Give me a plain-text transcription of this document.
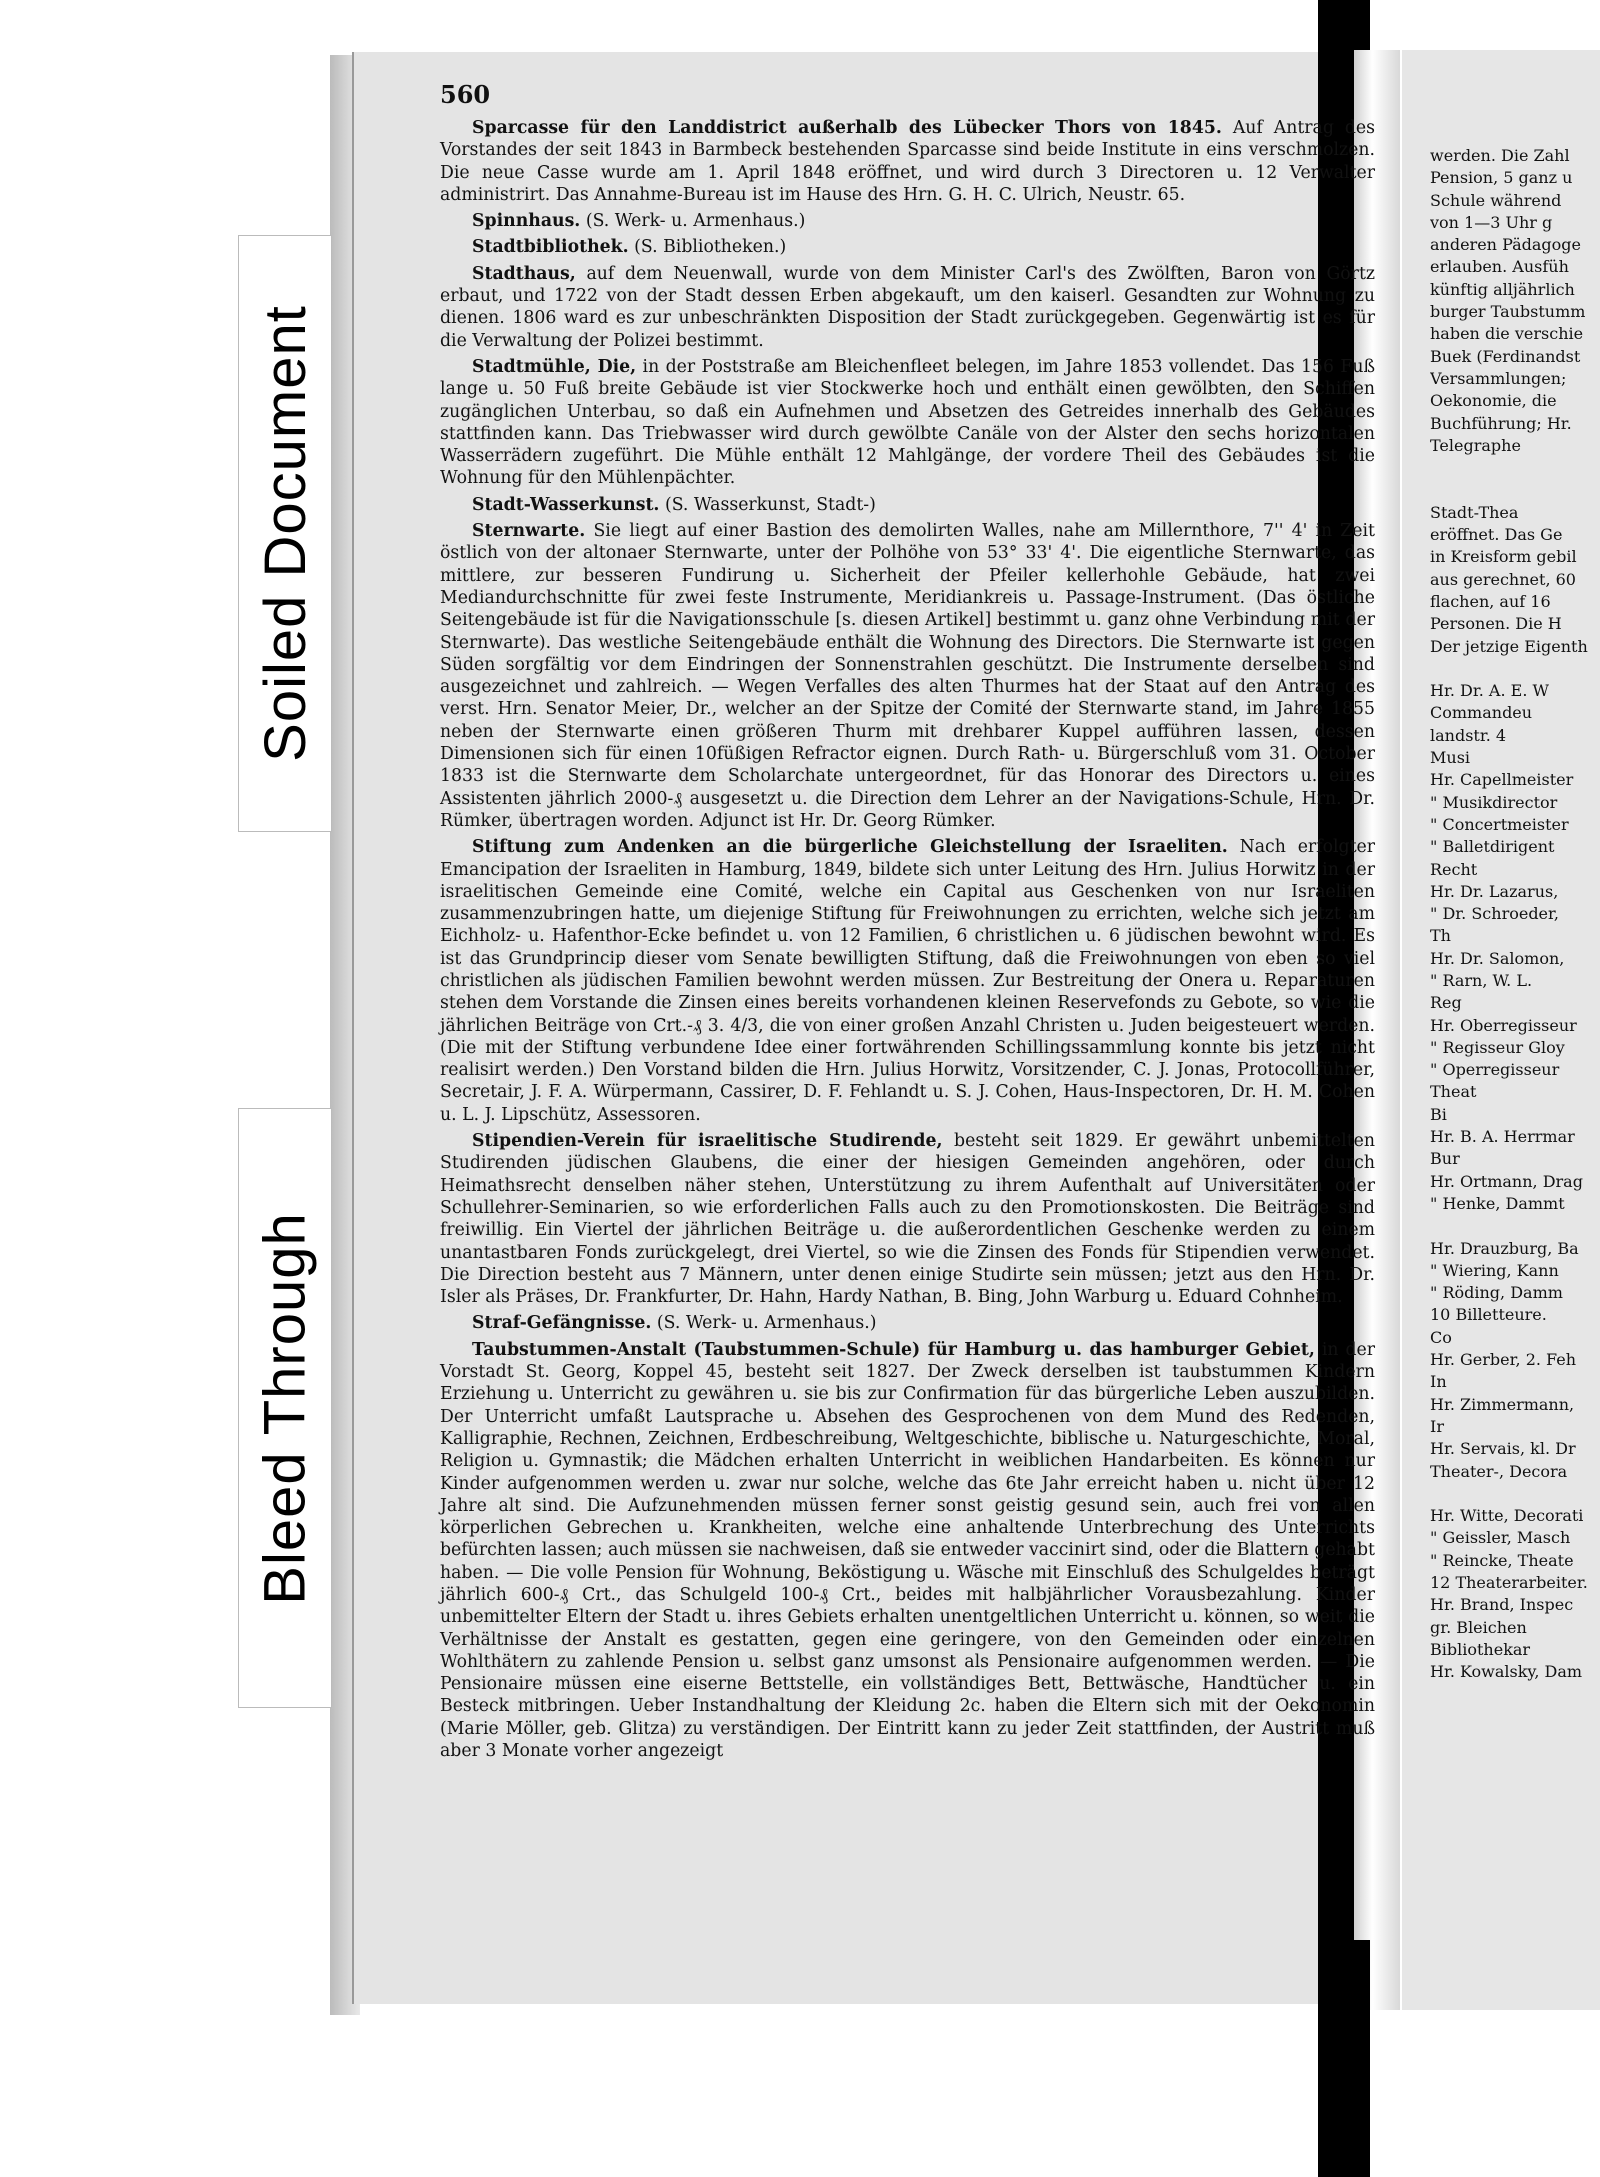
Soiled Document
Bleed Through
560

Sparcasse für den Landdistrict außerhalb des Lübecker Thors von 1845. Auf Antrag des Vorstandes der seit 1843 in Barmbeck bestehenden Sparcasse sind beide Institute in eins verschmolzen. Die neue Casse wurde am 1. April 1848 eröffnet, und wird durch 3 Directoren u. 12 Verwalter administrirt. Das Annahme-Bureau ist im Hause des Hrn. G. H. C. Ulrich, Neustr. 65.

Spinnhaus. (S. Werk- u. Armenhaus.)

Stadtbibliothek. (S. Bibliotheken.)

Stadthaus, auf dem Neuenwall, wurde von dem Minister Carl's des Zwölften, Baron von Görtz erbaut, und 1722 von der Stadt dessen Erben abgekauft, um den kaiserl. Gesandten zur Wohnung zu dienen. 1806 ward es zur unbeschränkten Disposition der Stadt zurückgegeben. Gegenwärtig ist es für die Verwaltung der Polizei bestimmt.

Stadtmühle, Die, in der Poststraße am Bleichenfleet belegen, im Jahre 1853 vollendet. Das 156 Fuß lange u. 50 Fuß breite Gebäude ist vier Stockwerke hoch und enthält einen gewölbten, den Schiffen zugänglichen Unterbau, so daß ein Aufnehmen und Absetzen des Getreides innerhalb des Gebäudes stattfinden kann. Das Triebwasser wird durch gewölbte Canäle von der Alster den sechs horizontalen Wasserrädern zugeführt. Die Mühle enthält 12 Mahlgänge, der vordere Theil des Gebäudes ist die Wohnung für den Mühlenpächter.

Stadt-Wasserkunst. (S. Wasserkunst, Stadt-)

Sternwarte. Sie liegt auf einer Bastion des demolirten Walles, nahe am Millernthore, 7'' 4' in Zeit östlich von der altonaer Sternwarte, unter der Polhöhe von 53° 33' 4'. Die eigentliche Sternwarte, das mittlere, zur besseren Fundirung u. Sicherheit der Pfeiler kellerhohle Gebäude, hat zwei Mediandurchschnitte für zwei feste Instrumente, Meridiankreis u. Passage-Instrument. (Das östliche Seitengebäude ist für die Navigationsschule [s. diesen Artikel] bestimmt u. ganz ohne Verbindung mit der Sternwarte). Das westliche Seitengebäude enthält die Wohnung des Directors. Die Sternwarte ist gegen Süden sorgfältig vor dem Eindringen der Sonnenstrahlen geschützt. Die Instrumente derselben sind ausgezeichnet und zahlreich. — Wegen Verfalles des alten Thurmes hat der Staat auf den Antrag des verst. Hrn. Senator Meier, Dr., welcher an der Spitze der Comité der Sternwarte stand, im Jahre 1855 neben der Sternwarte einen größeren Thurm mit drehbarer Kuppel aufführen lassen, dessen Dimensionen sich für einen 10füßigen Refractor eignen. Durch Rath- u. Bürgerschluß vom 31. October 1833 ist die Sternwarte dem Scholarchate untergeordnet, für das Honorar des Directors u. eines Assistenten jährlich 2000-₰ ausgesetzt u. die Direction dem Lehrer an der Navigations-Schule, Hrn. Dr. Rümker, übertragen worden. Adjunct ist Hr. Dr. Georg Rümker.

Stiftung zum Andenken an die bürgerliche Gleichstellung der Israeliten. Nach erfolgter Emancipation der Israeliten in Hamburg, 1849, bildete sich unter Leitung des Hrn. Julius Horwitz in der israelitischen Gemeinde eine Comité, welche ein Capital aus Geschenken von nur Israeliten zusammenzubringen hatte, um diejenige Stiftung für Freiwohnungen zu errichten, welche sich jetzt am Eichholz- u. Hafenthor-Ecke befindet u. von 12 Familien, 6 christlichen u. 6 jüdischen bewohnt wird. Es ist das Grundprincip dieser vom Senate bewilligten Stiftung, daß die Freiwohnungen von eben so viel christlichen als jüdischen Familien bewohnt werden müssen. Zur Bestreitung der Onera u. Reparaturen stehen dem Vorstande die Zinsen eines bereits vorhandenen kleinen Reservefonds zu Gebote, so wie die jährlichen Beiträge von Crt.-₰ 3. 4/3, die von einer großen Anzahl Christen u. Juden beigesteuert werden. (Die mit der Stiftung verbundene Idee einer fortwährenden Schillingssammlung konnte bis jetzt nicht realisirt werden.) Den Vorstand bilden die Hrn. Julius Horwitz, Vorsitzender, C. J. Jonas, Protocollführer, Secretair, J. F. A. Würpermann, Cassirer, D. F. Fehlandt u. S. J. Cohen, Haus-Inspectoren, Dr. H. M. Cohen u. L. J. Lipschütz, Assessoren.

Stipendien-Verein für israelitische Studirende, besteht seit 1829. Er gewährt unbemittelten Studirenden jüdischen Glaubens, die einer der hiesigen Gemeinden angehören, oder durch Heimathsrecht denselben näher stehen, Unterstützung zu ihrem Aufenthalt auf Universitäten oder Schullehrer-Seminarien, so wie erforderlichen Falls auch zu den Promotionskosten. Die Beiträge sind freiwillig. Ein Viertel der jährlichen Beiträge u. die außerordentlichen Geschenke werden zu einem unantastbaren Fonds zurückgelegt, drei Viertel, so wie die Zinsen des Fonds für Stipendien verwendet. Die Direction besteht aus 7 Männern, unter denen einige Studirte sein müssen; jetzt aus den Hrn. Dr. Isler als Präses, Dr. Frankfurter, Dr. Hahn, Hardy Nathan, B. Bing, John Warburg u. Eduard Cohnheim.

Straf-Gefängnisse. (S. Werk- u. Armenhaus.)

Taubstummen-Anstalt (Taubstummen-Schule) für Hamburg u. das hamburger Gebiet, in der Vorstadt St. Georg, Koppel 45, besteht seit 1827. Der Zweck derselben ist taubstummen Kindern Erziehung u. Unterricht zu gewähren u. sie bis zur Confirmation für das bürgerliche Leben auszubilden. Der Unterricht umfaßt Lautsprache u. Absehen des Gesprochenen von dem Mund des Redenden, Kalligraphie, Rechnen, Zeichnen, Erdbeschreibung, Weltgeschichte, biblische u. Naturgeschichte, Moral, Religion u. Gymnastik; die Mädchen erhalten Unterricht in weiblichen Handarbeiten. Es können nur Kinder aufgenommen werden u. zwar nur solche, welche das 6te Jahr erreicht haben u. nicht über 12 Jahre alt sind. Die Aufzunehmenden müssen ferner sonst geistig gesund sein, auch frei von allen körperlichen Gebrechen u. Krankheiten, welche eine anhaltende Unterbrechung des Unterrichts befürchten lassen; auch müssen sie nachweisen, daß sie entweder vaccinirt sind, oder die Blattern gehabt haben. — Die volle Pension für Wohnung, Beköstigung u. Wäsche mit Einschluß des Schulgeldes beträgt jährlich 600-₰ Crt., das Schulgeld 100-₰ Crt., beides mit halbjährlicher Vorausbezahlung. Kinder unbemittelter Eltern der Stadt u. ihres Gebiets erhalten unentgeltlichen Unterricht u. können, so weit die Verhältnisse der Anstalt es gestatten, gegen eine geringere, von den Gemeinden oder einzelnen Wohlthätern zu zahlende Pension u. selbst ganz umsonst als Pensionaire aufgenommen werden. — Die Pensionaire müssen eine eiserne Bettstelle, ein vollständiges Bett, Bettwäsche, Handtücher u. ein Besteck mitbringen. Ueber Instandhaltung der Kleidung 2c. haben die Eltern sich mit der Oekonomin (Marie Möller, geb. Glitza) zu verständigen. Der Eintritt kann zu jeder Zeit stattfinden, der Austritt muß aber 3 Monate vorher angezeigt

werden. Die Zahl
Pension, 5 ganz u
Schule während
von 1—3 Uhr g
anderen Pädagoge
erlauben. Ausfüh
künftig alljährlich
burger Taubstumm
haben die verschie
Buek (Ferdinandst
Versammlungen;
Oekonomie, die
Buchführung; Hr.
Telegraphe

Stadt-Thea
eröffnet. Das Ge
in Kreisform gebil
aus gerechnet, 60
flachen, auf 16
Personen. Die H
Der jetzige Eigenth

Hr. Dr. A. E. W
Commandeu
landstr. 4
Musi
Hr. Capellmeister
" Musikdirector
" Concertmeister
" Balletdirigent
Recht
Hr. Dr. Lazarus,
" Dr. Schroeder,
Th
Hr. Dr. Salomon,
" Rarn, W. L.
Reg
Hr. Oberregisseur
" Regisseur Gloy
" Operregisseur
Theat
Bi
Hr. B. A. Herrmar
Bur
Hr. Ortmann, Drag
" Henke, Dammt

Hr. Drauzburg, Ba
" Wiering, Kann
" Röding, Damm
10 Billetteure.
Co
Hr. Gerber, 2. Feh
In
Hr. Zimmermann,
Ir
Hr. Servais, kl. Dr
Theater-, Decora

Hr. Witte, Decorati
" Geissler, Masch
" Reincke, Theate
12 Theaterarbeiter.
Hr. Brand, Inspec
gr. Bleichen
Bibliothekar
Hr. Kowalsky, Dam
